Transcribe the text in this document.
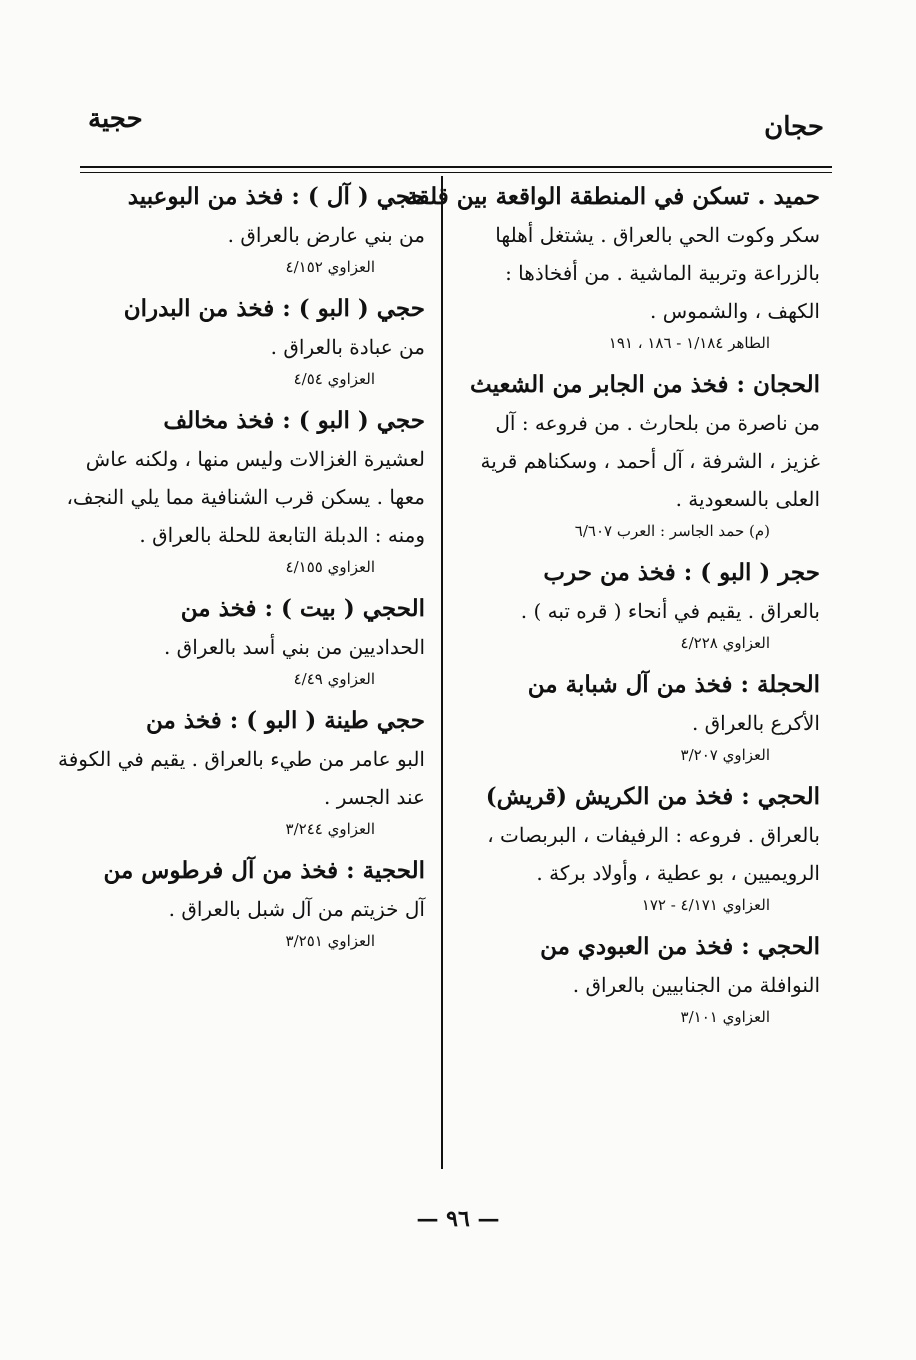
حجان
حجية
حميد . تسكن في المنطقة الواقعة بين قلقة
سكر وكوت الحي بالعراق . يشتغل أهلها
بالزراعة وتربية الماشية . من أفخاذها :
الكهف ، والشموس .
الطاهر ١/١٨٤ - ١٨٦ ، ١٩١
الحجان : فخذ من الجابر من الشعيث
من ناصرة من بلحارث . من فروعه : آل
غزيز ، الشرفة ، آل أحمد ، وسكناهم قرية
العلى بالسعودية .
(م) حمد الجاسر : العرب ٦/٦٠٧
حجر ( البو ) : فخذ من حرب
بالعراق . يقيم في أنحاء ( قره تبه ) .
العزاوي ٤/٢٢٨
الحجلة : فخذ من آل شبابة من
الأكرع بالعراق .
العزاوي ٣/٢٠٧
الحجي : فخذ من الكريش (قريش)
بالعراق . فروعه : الرفيفات ، البربصات ،
الرويميين ، بو عطية ، وأولاد بركة .
العزاوي ٤/١٧١ - ١٧٢
الحجي : فخذ من العبودي من
النوافلة من الجنابيين بالعراق .
العزاوي ٣/١٠١
حجي ( آل ) : فخذ من البوعبيد
من بني عارض بالعراق .
العزاوي ٤/١٥٢
حجي ( البو ) : فخذ من البدران
من عبادة بالعراق .
العزاوي ٤/٥٤
حجي ( البو ) : فخذ مخالف
لعشيرة الغزالات وليس منها ، ولكنه عاش
معها . يسكن قرب الشنافية مما يلي النجف،
ومنه : الدبلة التابعة للحلة بالعراق .
العزاوي ٤/١٥٥
الحجي ( بيت ) : فخذ من
الحداديين من بني أسد بالعراق .
العزاوي ٤/٤٩
حجي طينة ( البو ) : فخذ من
البو عامر من طيء بالعراق . يقيم في الكوفة
عند الجسر .
العزاوي ٣/٢٤٤
الحجية : فخذ من آل فرطوس من
آل خزيتم من آل شبل بالعراق .
العزاوي ٣/٢٥١
— ٩٦ —
